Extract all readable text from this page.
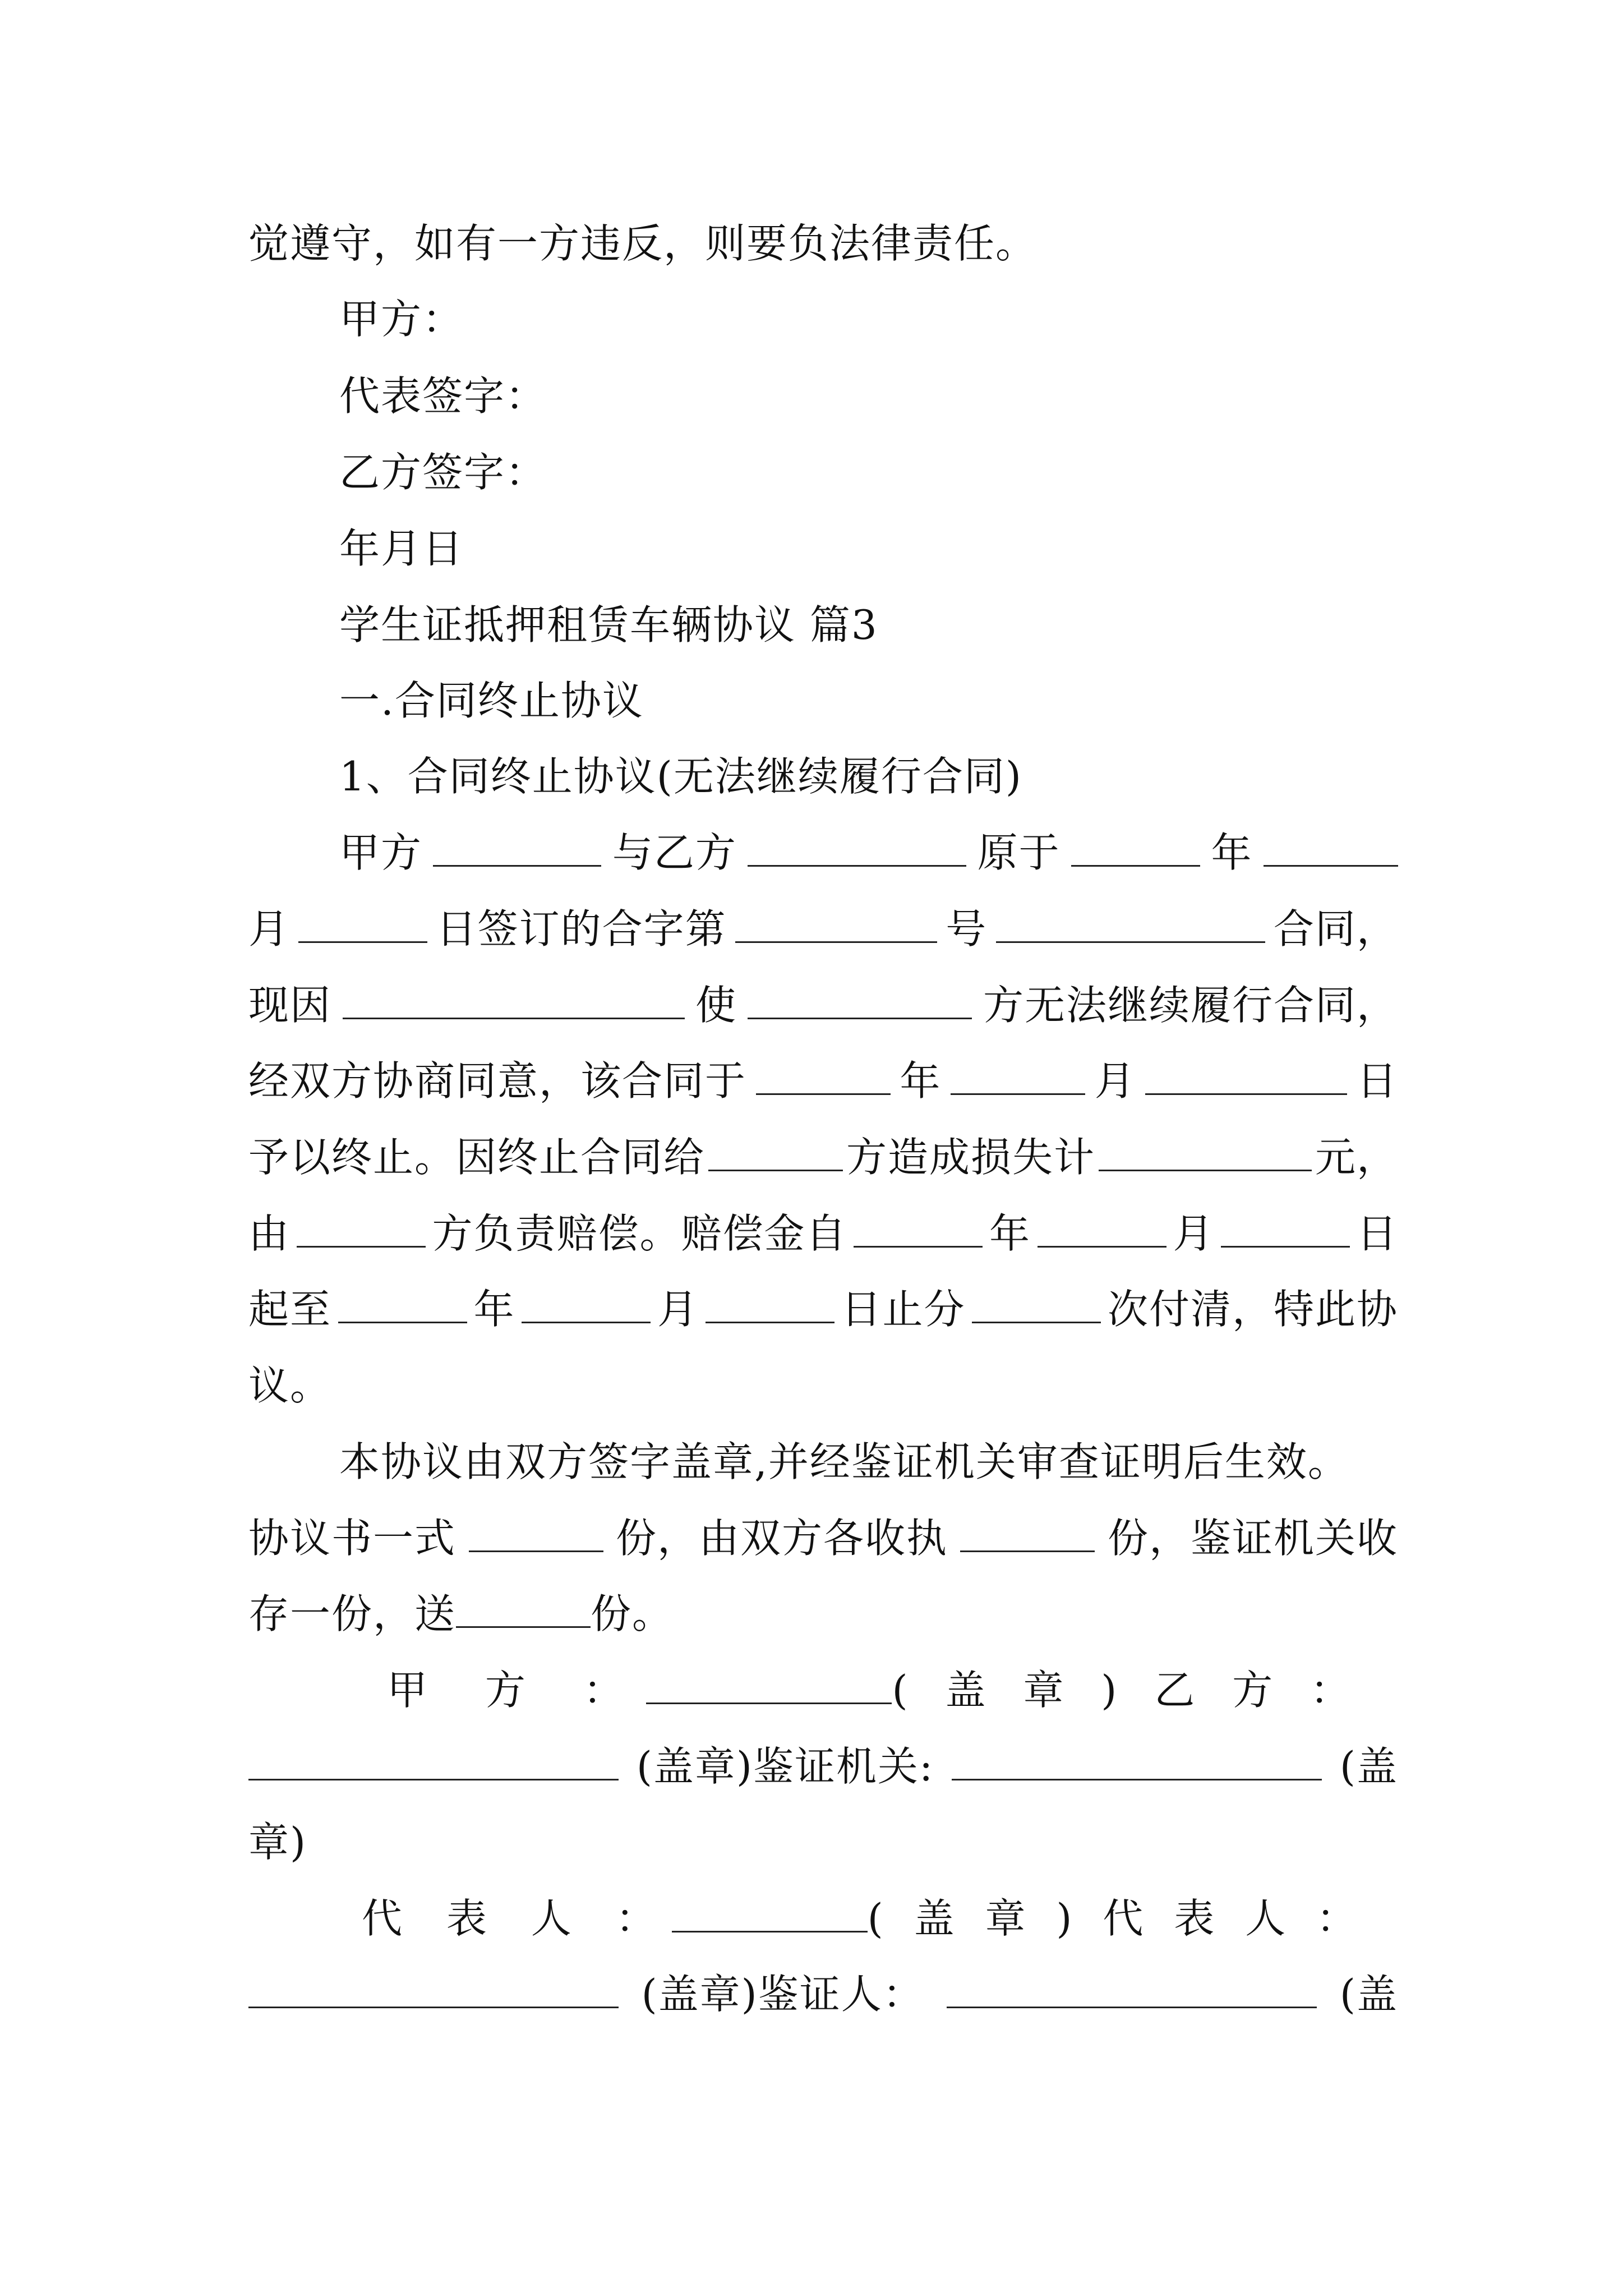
觉遵守，如有一方违反，则要负法律责任。
甲方：
代表签字：
乙方签字：
年月日
学生证抵押租赁车辆协议 篇3
一.合同终止协议
1、合同终止协议(无法继续履行合同)
甲方	与乙方	原于	年
月	日签订的合字第	号	合同，
现因	使	方无法继续履行合同，
经双方协商同意，该合同于	年	月	日
予以终止。因终止合同给	方造成损失计	元，
由	方负责赔偿。赔偿金自	年	月	日
起至	年	月	日止分	次付清，特此协
议。
本协议由双方签字盖章,并经鉴证机关审查证明后生效。
协议书一式	份，由双方各收执	份，鉴证机关收
存一份，送	份。
甲 方 ：	( 盖 章 ) 乙 方 ：
(盖章)鉴证机关:	(盖
章)
代 表 人 ：	( 盖 章 ) 代 表 人 ：
(盖章)鉴证人：	(盖
